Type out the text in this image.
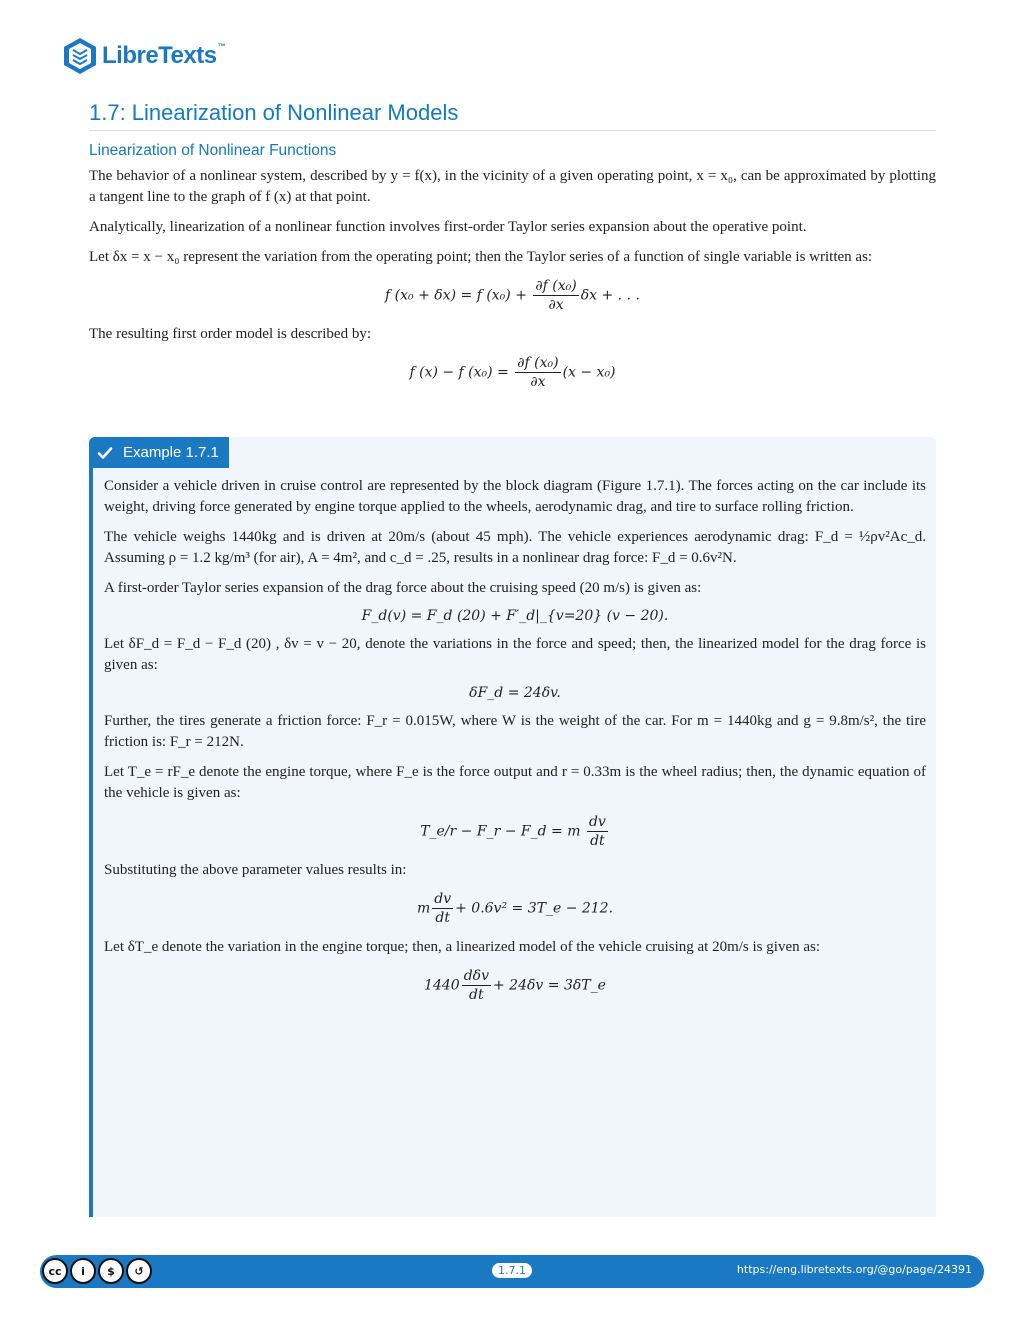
LibreTexts™
1.7: Linearization of Nonlinear Models
Linearization of Nonlinear Functions

The behavior of a nonlinear system, described by y = f(x), in the vicinity of a given operating point, x = x₀, can be approximated by plotting a tangent line to the graph of f (x) at that point.

Analytically, linearization of a nonlinear function involves first-order Taylor series expansion about the operative point.

Let δx = x − x₀ represent the variation from the operating point; then the Taylor series of a function of single variable is written as:

f (x₀ + δx) = f $(x_0) + \frac{\text{∂f (x₀)}}{\partial x}$ δx + . . .

The resulting first order model is described by:

f (x) − f $(x_0) = \frac{\text{∂f (x₀)}}{\partial x} (x - x_0)$
Example 1.7.1

Consider a vehicle driven in cruise control are represented by the block diagram (Figure 1.7.1). The forces acting on the car include its weight, driving force generated by engine torque applied to the wheels, aerodynamic drag, and tire to surface rolling friction.

The vehicle weighs 1440kg and is driven at 20m/s (about 45 mph). The vehicle experiences aerodynamic drag: F_d = ½ρv²Ac_d. Assuming ρ = 1.2 kg/m³ (for air), A = 4m², and c_d = .25, results in a nonlinear drag force: F_d = 0.6v²N.

A first-order Taylor series expansion of the drag force about the cruising speed (20 m/s) is given as:

F_d(v) = F_d (20) + F′_d|_{v=20} (v − 20).

Let δF_d = F_d − F_d (20) , δv = v − 20, denote the variations in the force and speed; then, the linearized model for the drag force is given as:

δF_d = 24δv.

Further, the tires generate a friction force: F_r = 0.015W, where W is the weight of the car. For m = 1440kg and g = 9.8m/s², the tire friction is: F_r = 212N.

Let T_e = rF_e denote the engine torque, where F_e is the force output and r = 0.33m is the wheel radius; then, the dynamic equation of the vehicle is given as:

T_e/r − F_r − F_d = m $\frac{dv}{dt}$

Substituting the above parameter values results in:

m $\frac{dv}{dt} + 0.6v^2$ = 3T_e − 212.

Let δT_e denote the variation in the engine torque; then, a linearized model of the vehicle cruising at 20m/s is given as:

$1440 \frac{\text{dδv}}{dt} + 24\delta v$ = 3δT_e
cc	i	$	↺	1.7.1	https://eng.libretexts.org/@go/page/24391
